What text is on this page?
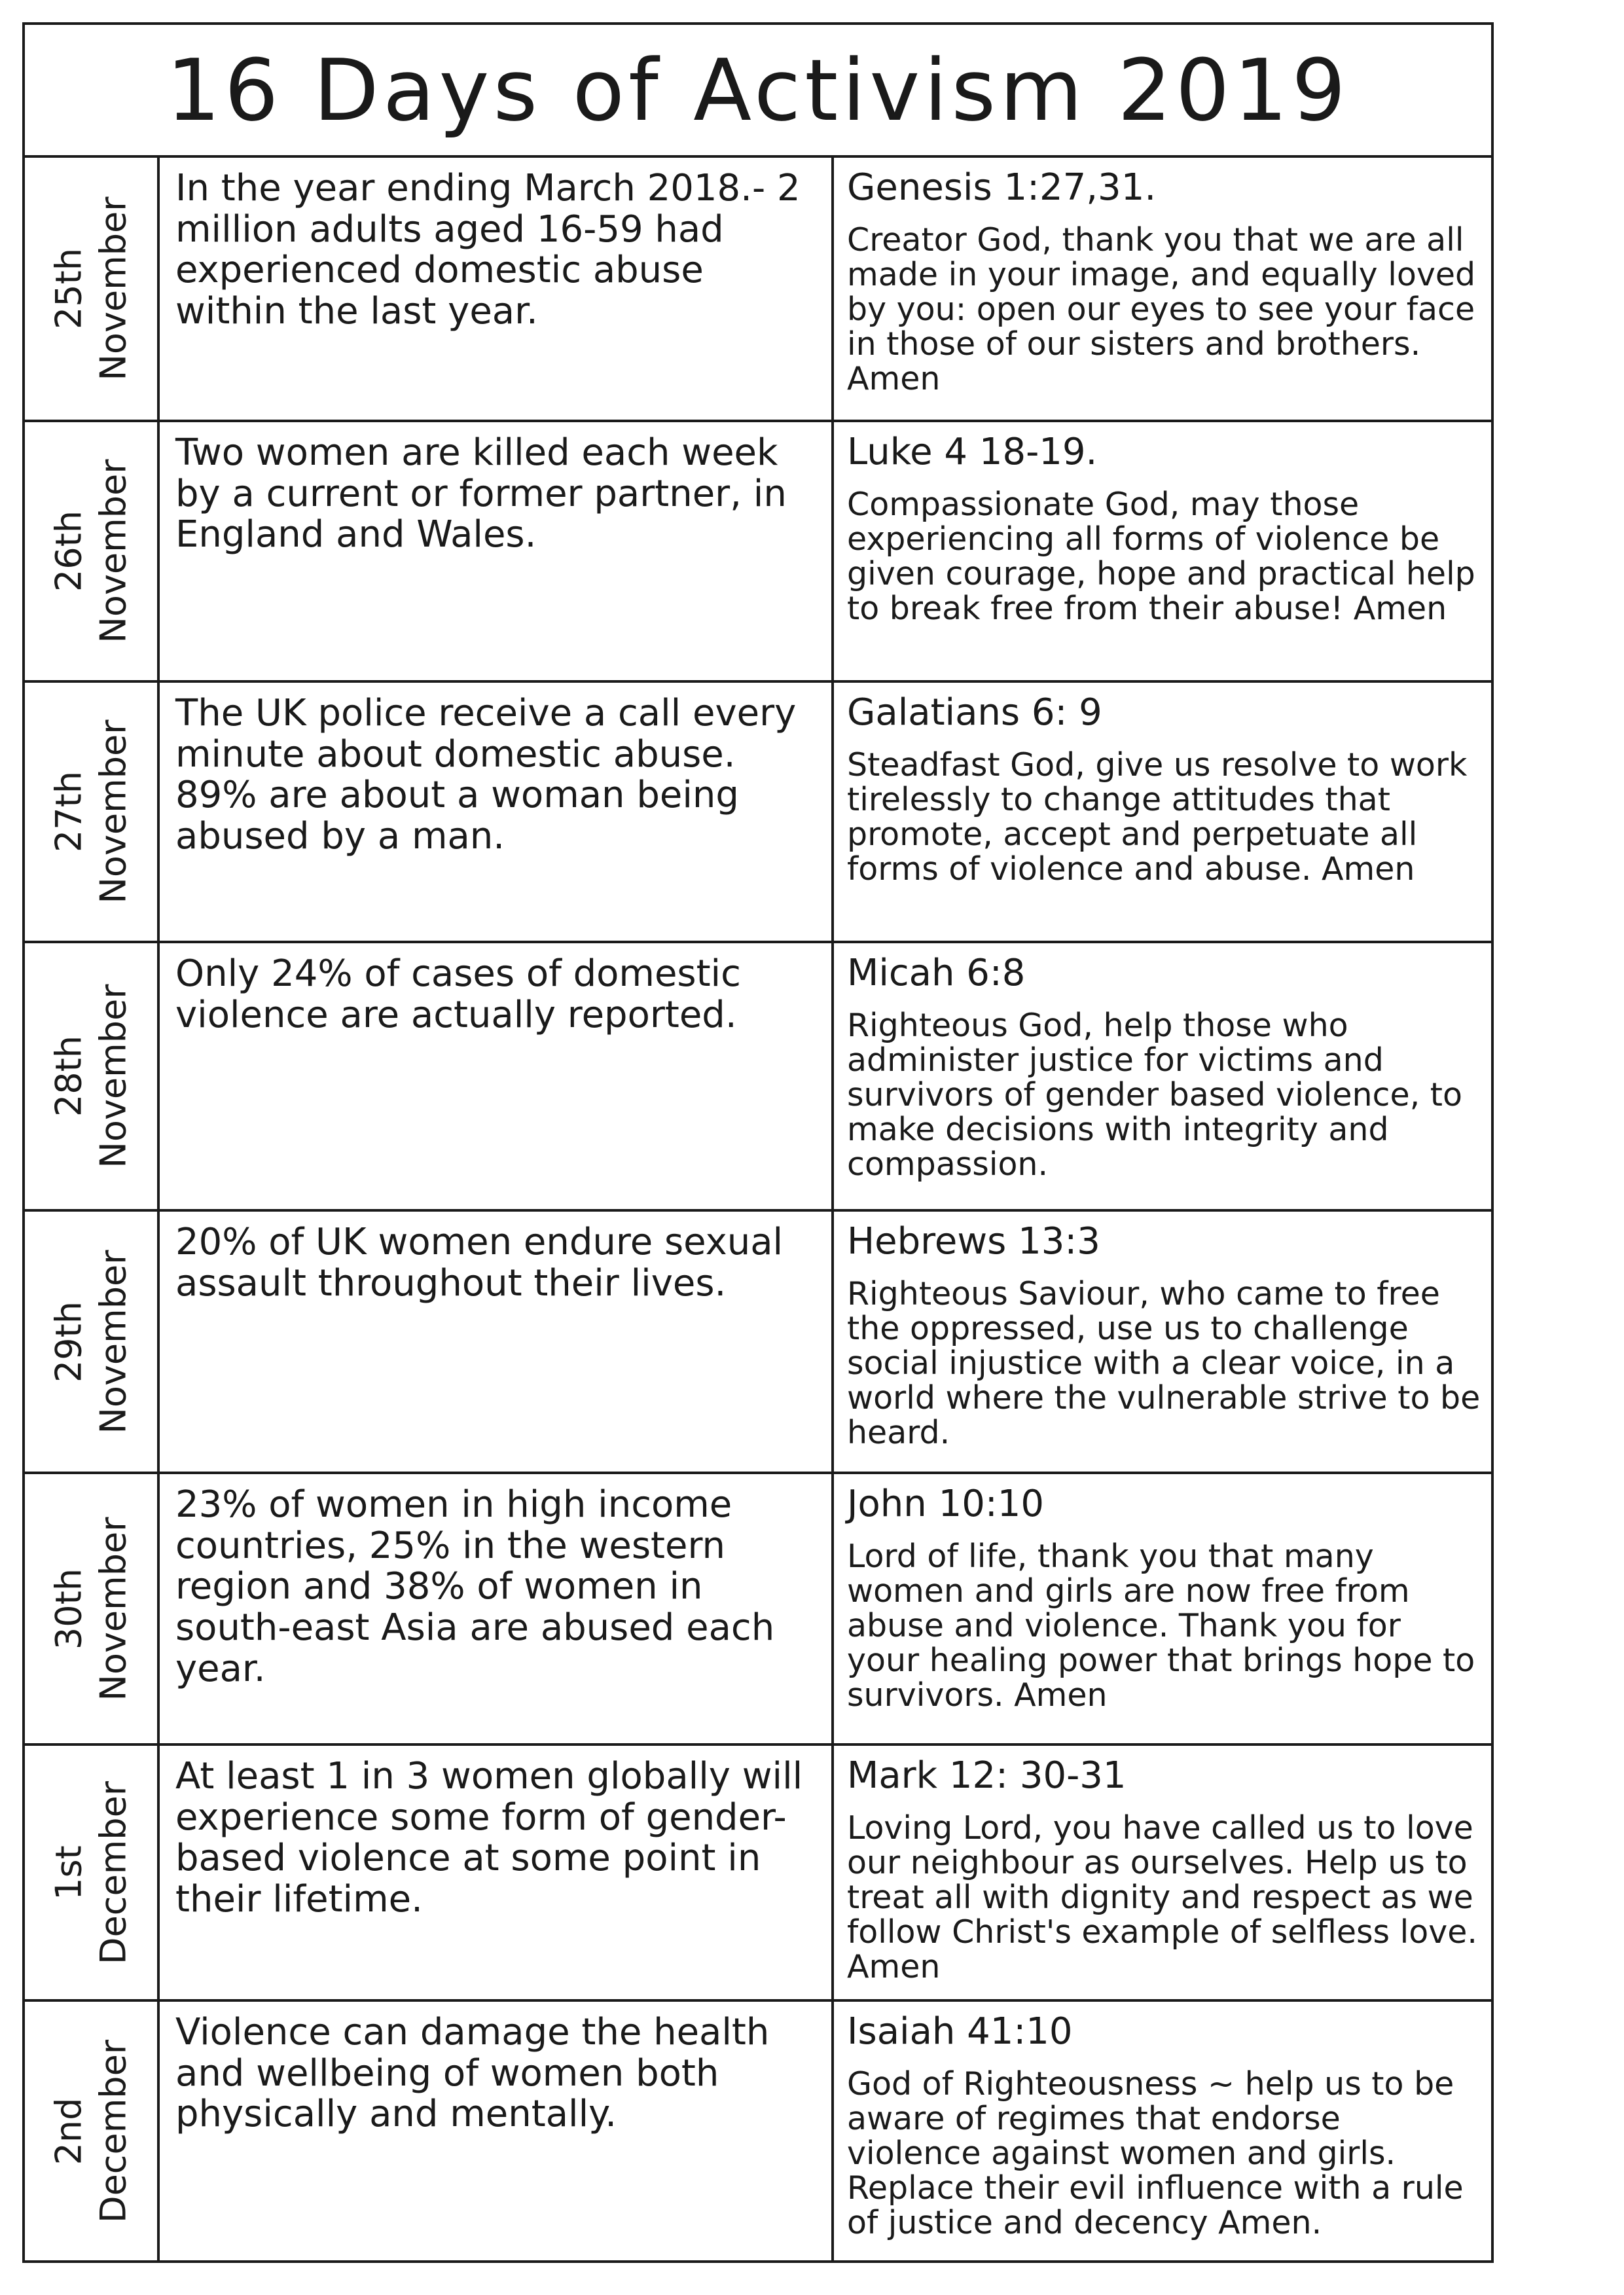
16 Days of Activism 2019
25th November
In the year ending March 2018.- 2 million adults aged 16-59 had experienced domestic abuse within the last year.
Genesis 1:27,31.
Creator God, thank you that we are all made in your image, and equally loved by you: open our eyes to see your face in those of our sisters and brothers. Amen
26th November
Two women are killed each week by a current or former partner, in England and Wales.
Luke 4 18-19.
Compassionate God, may those experiencing all forms of violence be given courage, hope and practical help to break free from their abuse! Amen
27th November
The UK police receive a call every minute about domestic abuse. 89% are about a woman being abused by a man.
Galatians 6: 9
Steadfast God, give us resolve to work tirelessly to change attitudes that promote, accept and perpetuate all forms of violence and abuse. Amen
28th November
Only 24% of cases of domestic violence are actually reported.
Micah 6:8
Righteous God, help those who administer justice for victims and survivors of gender based violence, to make decisions with integrity and compassion.
29th November
20% of UK women endure sexual assault throughout their lives.
Hebrews 13:3
Righteous Saviour, who came to free the oppressed, use us to challenge social injustice with a clear voice, in a world where the vulnerable strive to be heard.
30th November
23% of women in high income countries, 25% in the western region and 38% of women in south-east Asia are abused each year.
John 10:10
Lord of life, thank you that many women and girls are now free from abuse and violence. Thank you for your healing power that brings hope to survivors. Amen
1st December
At least 1 in 3 women globally will experience some form of gender-based violence at some point in their lifetime.
Mark 12: 30-31
Loving Lord, you have called us to love our neighbour as ourselves. Help us to treat all with dignity and respect as we follow Christ's example of selfless love. Amen
2nd December
Violence can damage the health and wellbeing of women both physically and mentally.
Isaiah 41:10
God of Righteousness ~ help us to be aware of regimes that endorse violence against women and girls. Replace their evil influence with a rule of justice and decency Amen.
